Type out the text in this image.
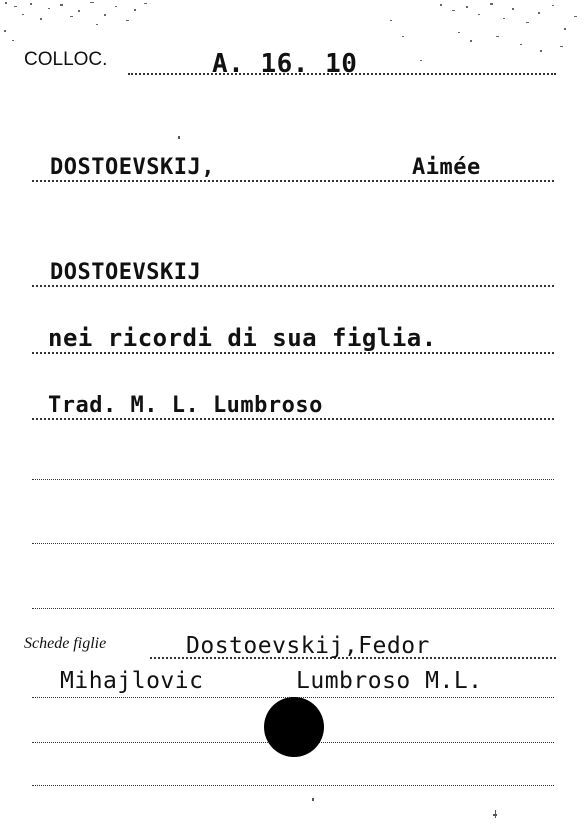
COLLOC.	A. 16. 10
DOSTOEVSKIJ,	Aimée
DOSTOEVSKIJ
nei ricordi di sua figlia.
Trad. M. L. Lumbroso
Schede figlie	Dostoevskij,Fedor
Mihajlovic	Lumbroso M.L.
